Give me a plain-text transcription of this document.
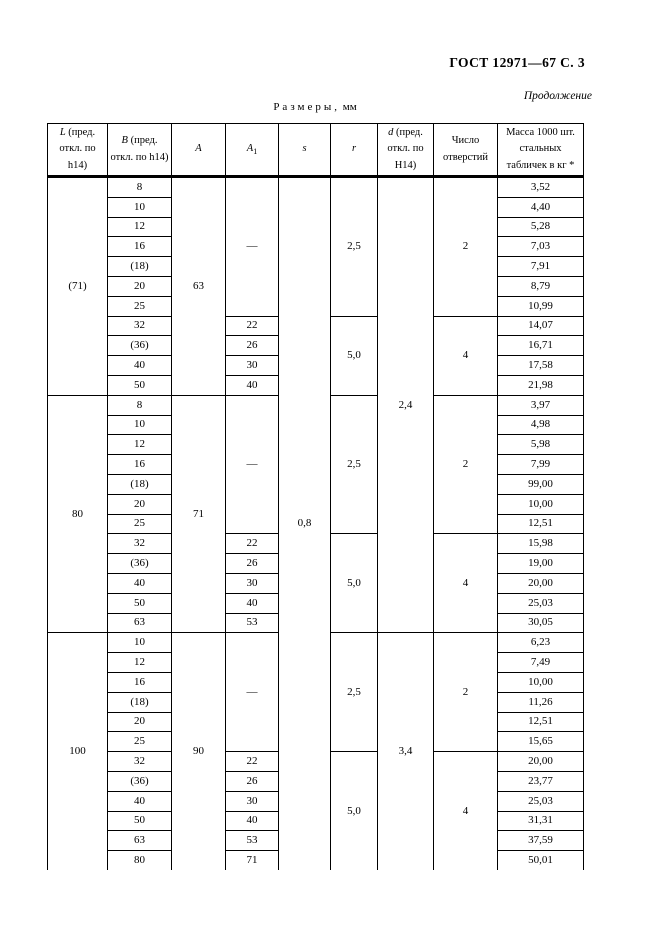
ГОСТ 12971—67 С. 3
Продолжение
Размеры, мм
L (пред. откл. по h14)	B (пред. откл. по h14)	A	$A_1$	s	r	d (пред. откл. по Н14)	Число отверстий	Масса 1000 шт. стальных табличек в кг *
(71)	8	63	—	0,8	2,5	2,4	2	3,52
	10							4,40
	12							5,28
	16							7,03
	(18)							7,91
	20							8,79
	25							10,99
	32		22		5,0		4	14,07
	(36)		26					16,71
	40		30					17,58
	50		40					21,98
80	8	71	—		2,5		2	3,97
	10							4,98
	12							5,98
	16							7,99
	(18)							99,00
	20							10,00
	25							12,51
	32		22		5,0		4	15,98
	(36)		26					19,00
	40		30					20,00
	50		40					25,03
	63		53					30,05
100	10	90	—		2,5	3,4	2	6,23
	12							7,49
	16							10,00
	(18)							11,26
	20							12,51
	25							15,65
	32		22		5,0		4	20,00
	(36)		26					23,77
	40		30					25,03
	50		40					31,31
	63		53					37,59
	80		71					50,01
